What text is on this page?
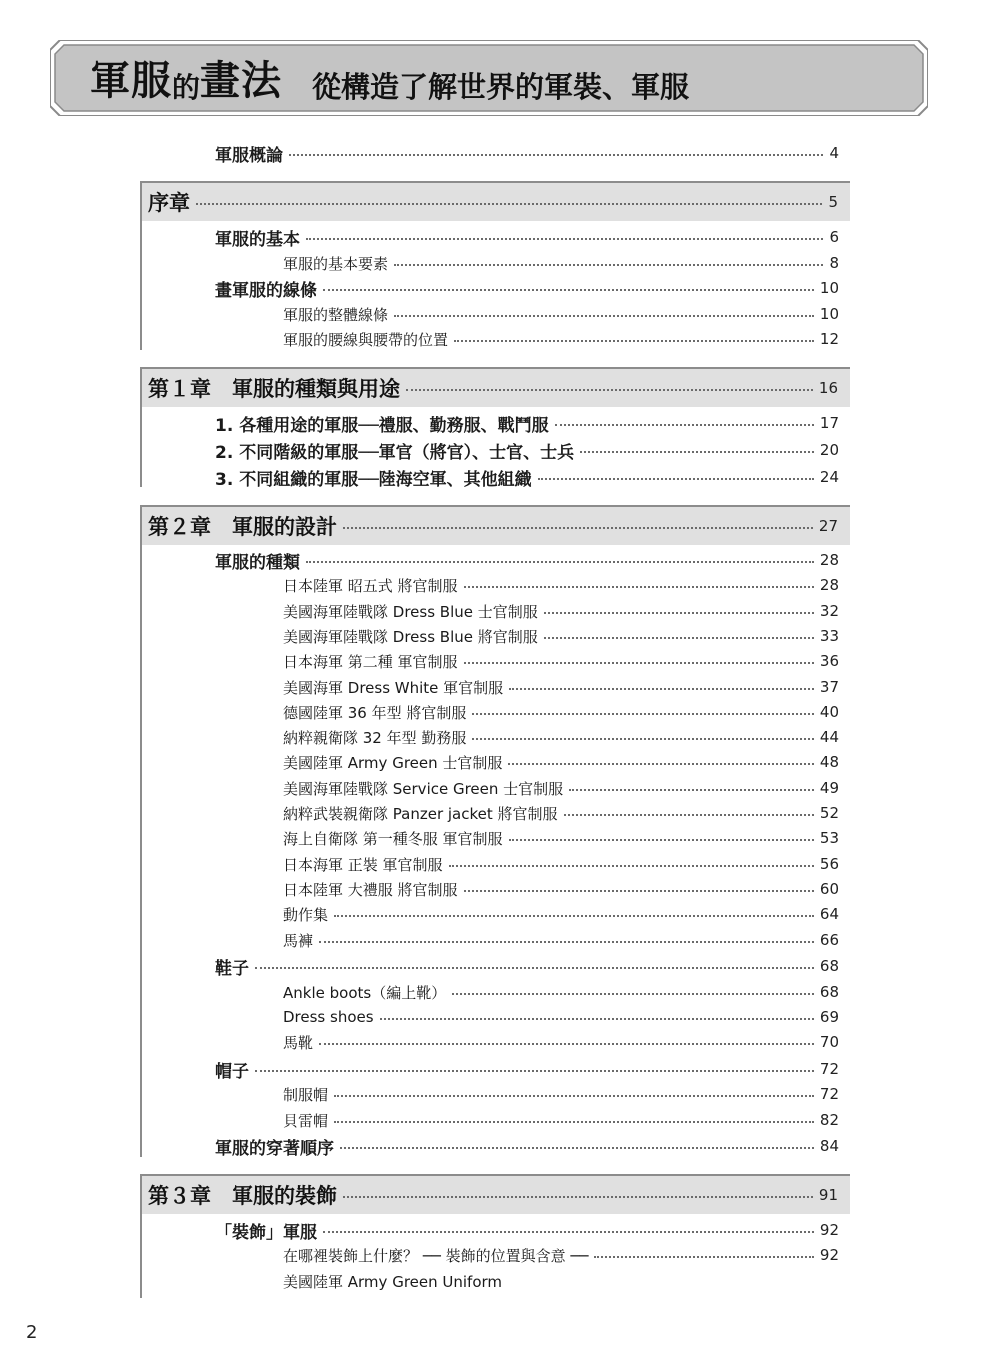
軍服 的 畫法 從構造了解世界的軍裝、軍服
軍服概論	4
序章	5
軍服的基本	6
軍服的基本要素	8
畫軍服的線條	10
軍服的整體線條	10
軍服的腰線與腰帶的位置	12
第１章　軍服的種類與用途	16
1. 各種用途的軍服──禮服、勤務服、戰鬥服	17
2. 不同階級的軍服──軍官（將官）、士官、士兵	20
3. 不同組織的軍服──陸海空軍、其他組織	24
第２章　軍服的設計	27
軍服的種類	28
日本陸軍 昭五式 將官制服	28
美國海軍陸戰隊 Dress Blue 士官制服	32
美國海軍陸戰隊 Dress Blue 將官制服	33
日本海軍 第二種 軍官制服	36
美國海軍 Dress White 軍官制服	37
德國陸軍 36 年型 將官制服	40
納粹親衛隊 32 年型 勤務服	44
美國陸軍 Army Green 士官制服	48
美國海軍陸戰隊 Service Green 士官制服	49
納粹武裝親衛隊 Panzer jacket 將官制服	52
海上自衛隊 第一種冬服 軍官制服	53
日本海軍 正裝 軍官制服	56
日本陸軍 大禮服 將官制服	60
動作集	64
馬褲	66
鞋子	68
Ankle boots（編上靴）	68
Dress shoes	69
馬靴	70
帽子	72
制服帽	72
貝雷帽	82
軍服的穿著順序	84
第３章　軍服的裝飾	91
「裝飾」軍服	92
在哪裡裝飾上什麼？ ── 裝飾的位置與含意 ──	92
美國陸軍 Army Green Uniform
2
